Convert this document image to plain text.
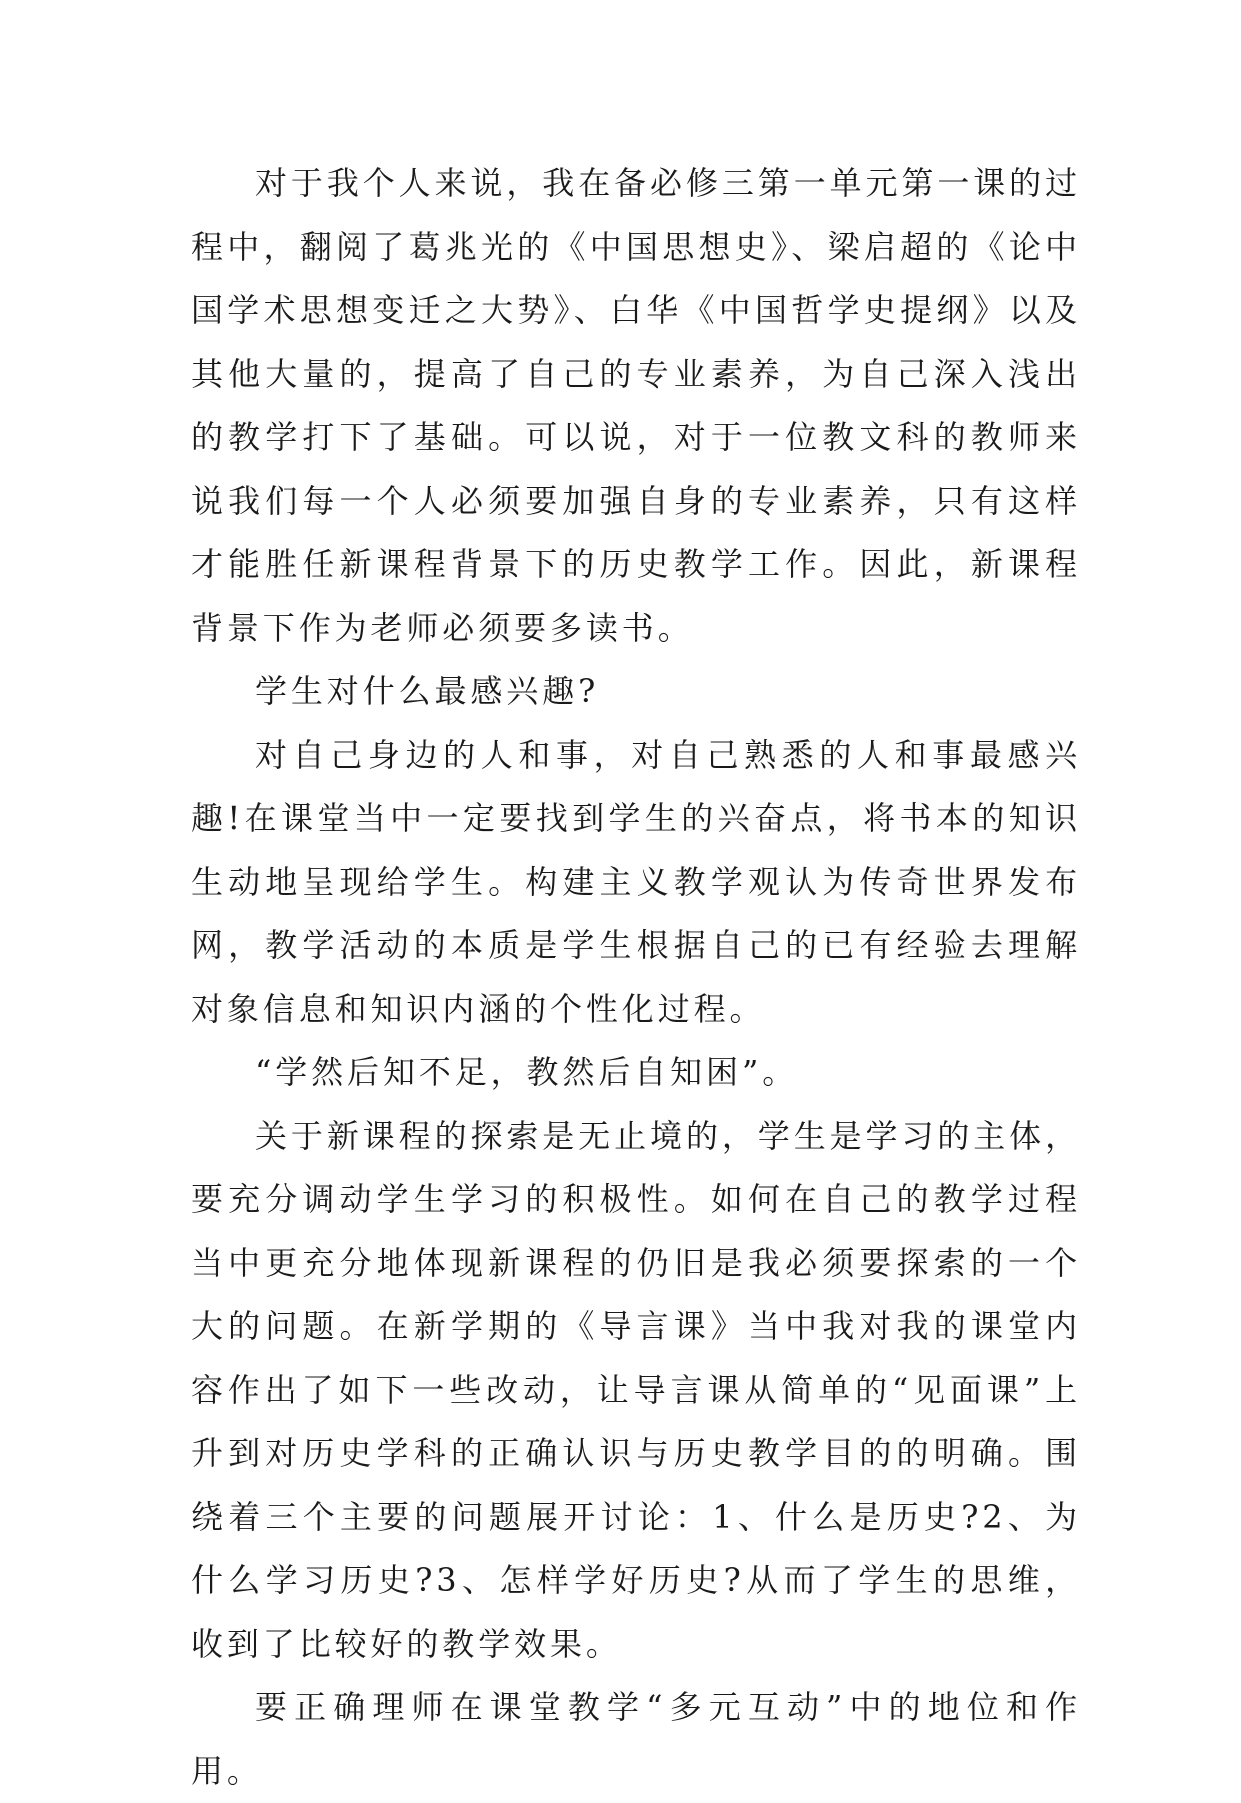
对于我个人来说，我在备必修三第一单元第一课的过程中，翻阅了葛兆光的《中国思想史》、梁启超的《论中国学术思想变迁之大势》、白华《中国哲学史提纲》以及其他大量的，提高了自己的专业素养，为自己深入浅出的教学打下了基础。可以说，对于一位教文科的教师来说我们每一个人必须要加强自身的专业素养，只有这样才能胜任新课程背景下的历史教学工作。因此，新课程背景下作为老师必须要多读书。

学生对什么最感兴趣?

对自己身边的人和事，对自己熟悉的人和事最感兴趣!在课堂当中一定要找到学生的兴奋点，将书本的知识生动地呈现给学生。构建主义教学观认为传奇世界发布网，教学活动的本质是学生根据自己的已有经验去理解对象信息和知识内涵的个性化过程。

“学然后知不足，教然后自知困”。

关于新课程的探索是无止境的，学生是学习的主体，要充分调动学生学习的积极性。如何在自己的教学过程当中更充分地体现新课程的仍旧是我必须要探索的一个大的问题。在新学期的《导言课》当中我对我的课堂内容作出了如下一些改动，让导言课从简单的“见面课”上升到对历史学科的正确认识与历史教学目的的明确。围绕着三个主要的问题展开讨论：1、什么是历史?2、为什么学习历史?3、怎样学好历史?从而了学生的思维，收到了比较好的教学效果。

要正确理师在课堂教学“多元互动”中的地位和作用。
